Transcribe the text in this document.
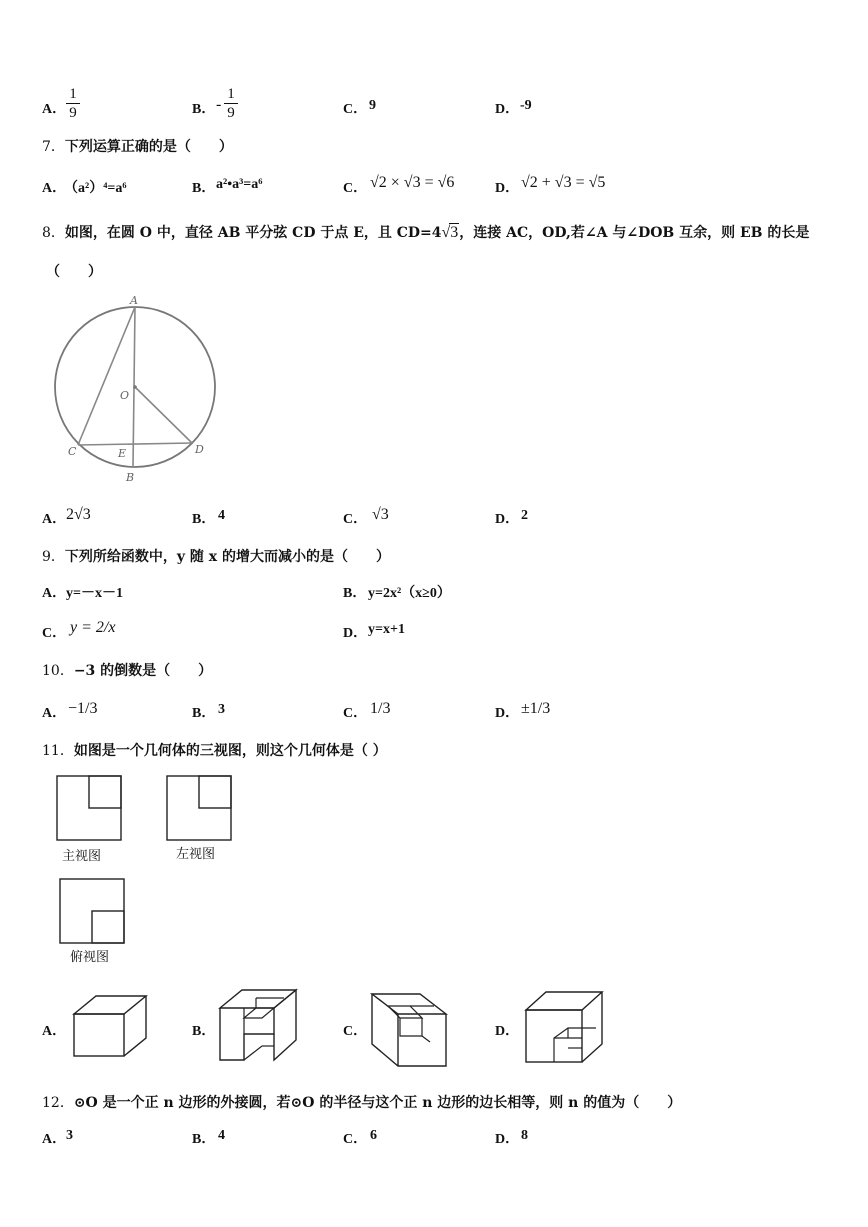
A．
1
9	B． -
1
9	C． 9	D． -9
7．下列运算正确的是（　　）
A．
（a²）⁴=a⁶	B． a²•a³=a⁶	C． √2 × √3 = √6	D． √2 + √3 = √5
8．如图，在圆 O 中，直径 AB 平分弦 CD 于点 E，且 CD=4√3，连接 AC，OD,若∠A 与∠DOB 互余，则 EB 的长是
（　　）
A
O
C	E	D
B
A． 2√3	B． 4	C． √3	D． 2
9．下列所给函数中，y 随 x 的增大而减小的是（　　）
A． y=－x－1	B． y=2x²（x≥0）
C． y = 2/x	D． y=x+1
10．−3 的倒数是（　　）
A． −1/3	B． 3	C． 1/3	D． ±1/3
11．如图是一个几何体的三视图，则这个几何体是（ ）
主视图	左视图
俯视图
A．	B．	C．	D．
12．⊙O 是一个正 n 边形的外接圆，若⊙O 的半径与这个正 n 边形的边长相等，则 n 的值为（　　）
A． 3	B． 4	C． 6	D． 8
